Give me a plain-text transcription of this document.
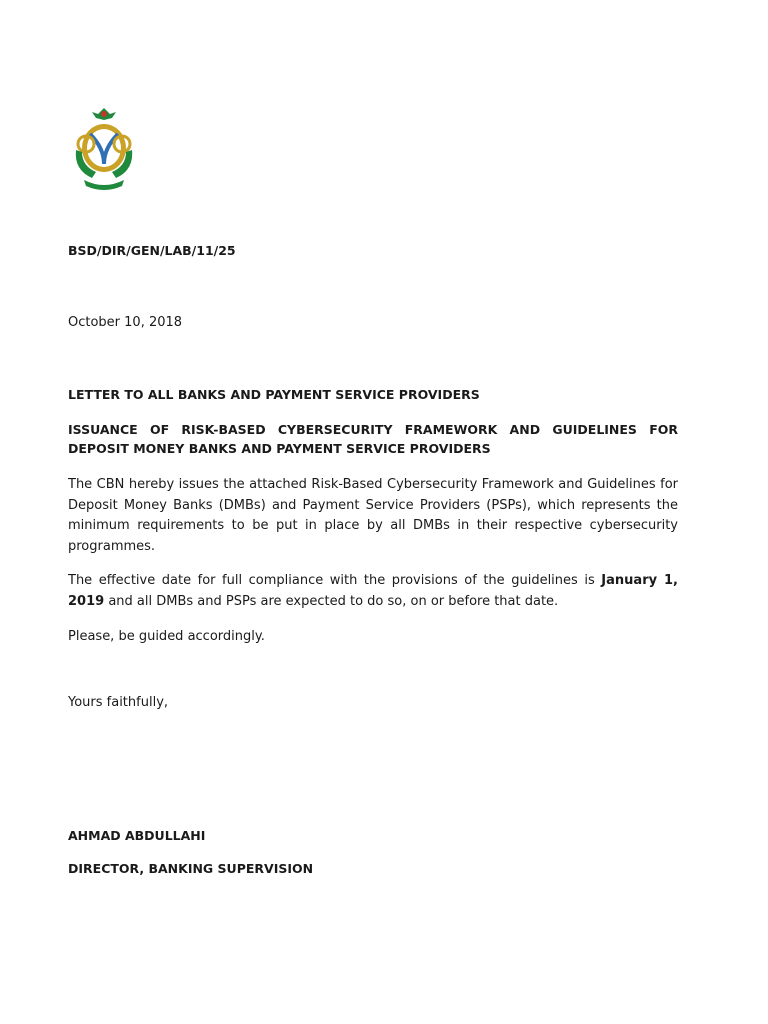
BSD/DIR/GEN/LAB/11/25
October 10, 2018

LETTER TO ALL BANKS AND PAYMENT SERVICE PROVIDERS

ISSUANCE OF RISK-BASED CYBERSECURITY FRAMEWORK AND GUIDELINES FOR DEPOSIT MONEY BANKS AND PAYMENT SERVICE PROVIDERS

The CBN hereby issues the attached Risk-Based Cybersecurity Framework and Guidelines for Deposit Money Banks (DMBs) and Payment Service Providers (PSPs), which represents the minimum requirements to be put in place by all DMBs in their respective cybersecurity programmes.

The effective date for full compliance with the provisions of the guidelines is January 1, 2019 and all DMBs and PSPs are expected to do so, on or before that date.

Please, be guided accordingly.

Yours faithfully,

AHMAD ABDULLAHI

DIRECTOR, BANKING SUPERVISION
